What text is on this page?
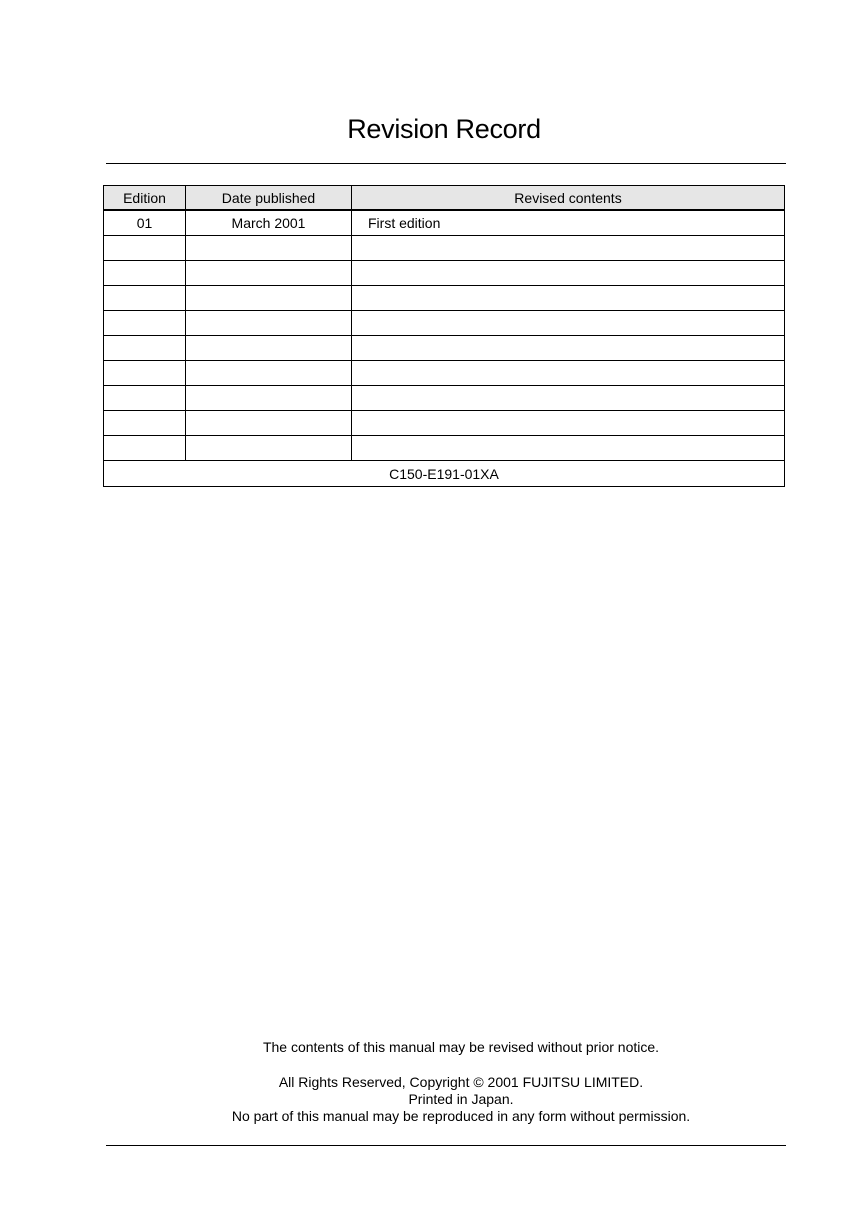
Revision Record
Edition	Date published	Revised contents
01	March 2001	First edition

C150-E191-01XA		
The contents of this manual may be revised without prior notice.
All Rights Reserved, Copyright © 2001 FUJITSU LIMITED.
Printed in Japan.
No part of this manual may be reproduced in any form without permission.
